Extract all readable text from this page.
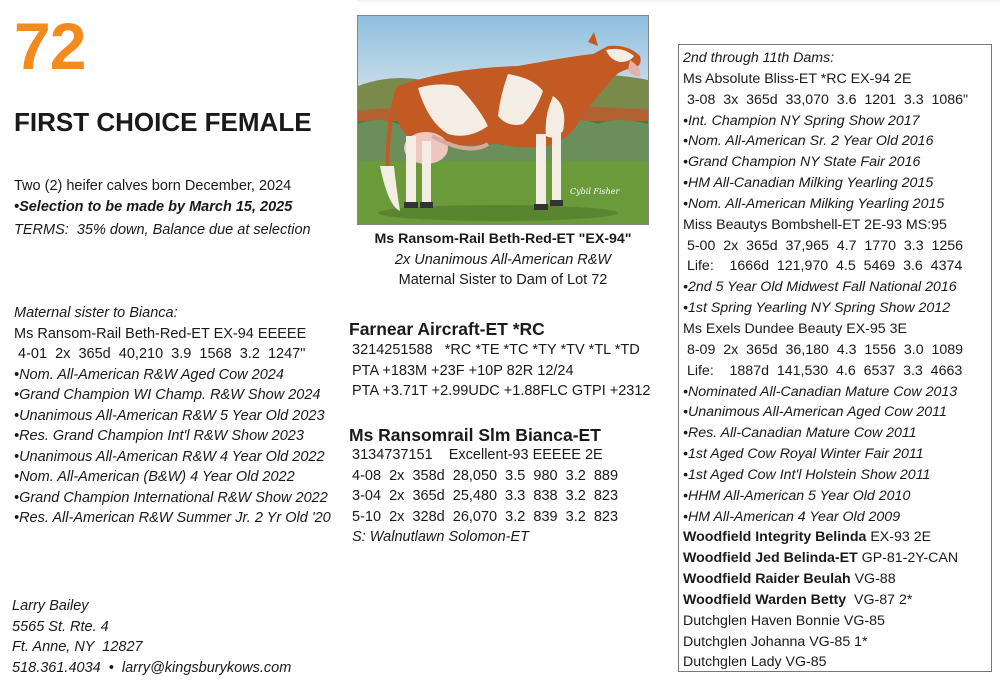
72
FIRST CHOICE FEMALE
Two (2) heifer calves born December, 2024
•Selection to be made by March 15, 2025
TERMS:  35% down, Balance due at selection
Maternal sister to Bianca:
Ms Ransom-Rail Beth-Red-ET EX-94 EEEEE
4-01  2x  365d  40,210  3.9  1568  3.2  1247"
•Nom. All-American R&W Aged Cow 2024
•Grand Champion WI Champ. R&W Show 2024
•Unanimous All-American R&W 5 Year Old 2023
•Res. Grand Champion Int'l R&W Show 2023
•Unanimous All-American R&W 4 Year Old 2022
•Nom. All-American (B&W) 4 Year Old 2022
•Grand Champion International R&W Show 2022
•Res. All-American R&W Summer Jr. 2 Yr Old '20
Larry Bailey
5565 St. Rte. 4
Ft. Anne, NY  12827
518.361.4034  •  larry@kingsburykows.com
Cybil Fisher
Ms Ransom-Rail Beth-Red-ET "EX-94"
2x Unanimous All-American R&W
Maternal Sister to Dam of Lot 72
Farnear Aircraft-ET *RC
3214251588   *RC *TE *TC *TY *TV *TL *TD
PTA +183M +23F +10P 82R 12/24
PTA +3.71T +2.99UDC +1.88FLC GTPI +2312
Ms Ransomrail Slm Bianca-ET
3134737151    Excellent-93 EEEEE 2E
4-08  2x  358d  28,050  3.5  980  3.2  889
3-04  2x  365d  25,480  3.3  838  3.2  823
5-10  2x  328d  26,070  3.2  839  3.2  823
S: Walnutlawn Solomon-ET
2nd through 11th Dams:
Ms Absolute Bliss-ET *RC EX-94 2E
3-08  3x  365d  33,070  3.6  1201  3.3  1086"
•Int. Champion NY Spring Show 2017
•Nom. All-American Sr. 2 Year Old 2016
•Grand Champion NY State Fair 2016
•HM All-Canadian Milking Yearling 2015
•Nom. All-American Milking Yearling 2015
Miss Beautys Bombshell-ET 2E-93 MS:95
5-00  2x  365d  37,965  4.7  1770  3.3  1256
Life:    1666d  121,970  4.5  5469  3.6  4374
•2nd 5 Year Old Midwest Fall National 2016
•1st Spring Yearling NY Spring Show 2012
Ms Exels Dundee Beauty EX-95 3E
8-09  2x  365d  36,180  4.3  1556  3.0  1089
Life:    1887d  141,530  4.6  6537  3.3  4663
•Nominated All-Canadian Mature Cow 2013
•Unanimous All-American Aged Cow 2011
•Res. All-Canadian Mature Cow 2011
•1st Aged Cow Royal Winter Fair 2011
•1st Aged Cow Int'l Holstein Show 2011
•HHM All-American 5 Year Old 2010
•HM All-American 4 Year Old 2009
Woodfield Integrity Belinda EX-93 2E
Woodfield Jed Belinda-ET GP-81-2Y-CAN
Woodfield Raider Beulah VG-88
Woodfield Warden Betty  VG-87 2*
Dutchglen Haven Bonnie VG-85
Dutchglen Johanna VG-85 1*
Dutchglen Lady VG-85
